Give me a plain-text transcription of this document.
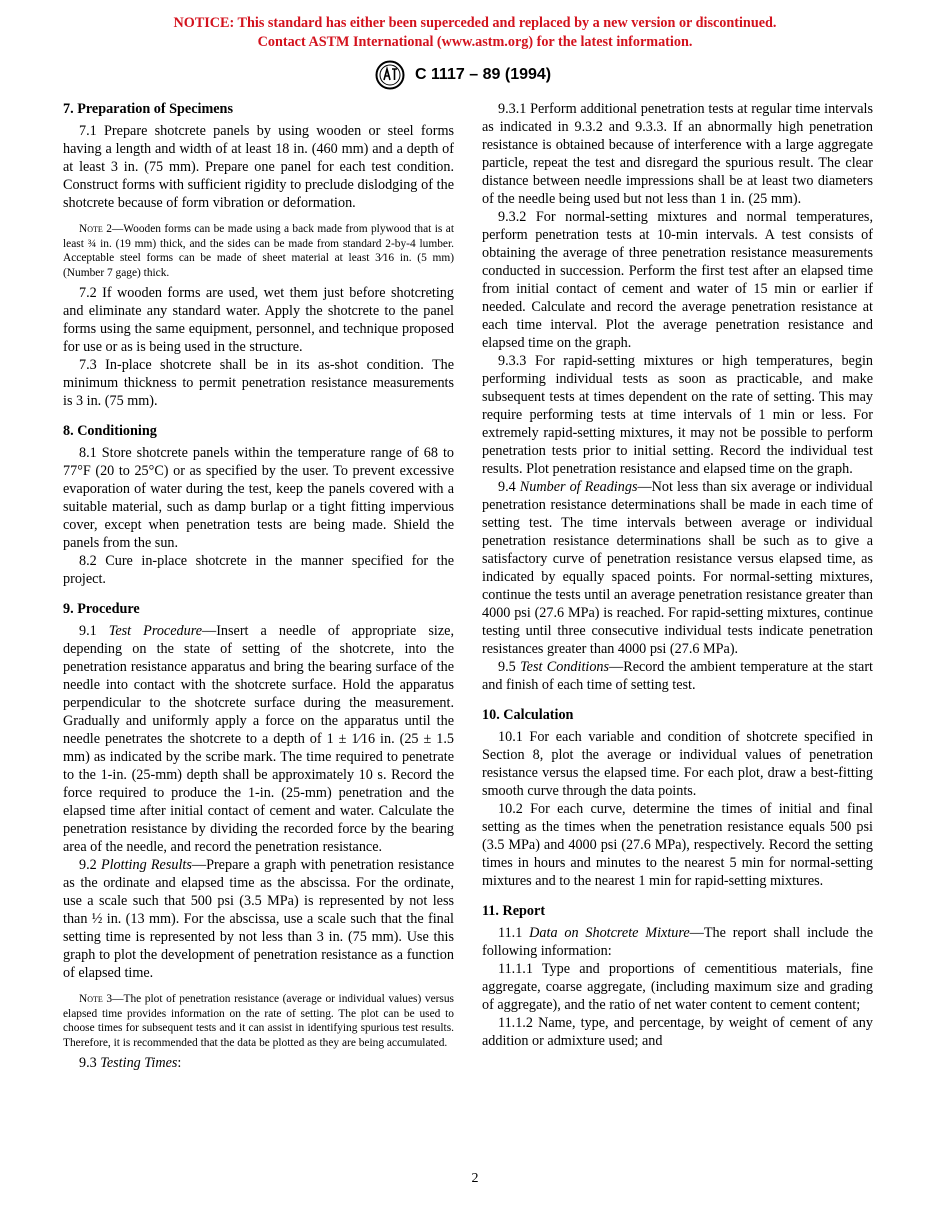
NOTICE: This standard has either been superceded and replaced by a new version or discontinued.
Contact ASTM International (www.astm.org) for the latest information.
C 1117 – 89 (1994)
7. Preparation of Specimens

7.1 Prepare shotcrete panels by using wooden or steel forms having a length and width of at least 18 in. (460 mm) and a depth of at least 3 in. (75 mm). Prepare one panel for each test condition. Construct forms with sufficient rigidity to preclude dislodging of the shotcrete because of form vibration or deformation.

Note 2—Wooden forms can be made using a back made from plywood that is at least ¾ in. (19 mm) thick, and the sides can be made from standard 2-by-4 lumber. Acceptable steel forms can be made of sheet material at least 3⁄16 in. (5 mm) (Number 7 gage) thick.

7.2 If wooden forms are used, wet them just before shotcreting and eliminate any standard water. Apply the shotcrete to the panel forms using the same equipment, personnel, and technique proposed for use or as is being used in the structure.

7.3 In-place shotcrete shall be in its as-shot condition. The minimum thickness to permit penetration resistance measurements is 3 in. (75 mm).

8. Conditioning

8.1 Store shotcrete panels within the temperature range of 68 to 77°F (20 to 25°C) or as specified by the user. To prevent excessive evaporation of water during the test, keep the panels covered with a suitable material, such as damp burlap or a tight fitting impervious cover, except when penetration tests are being made. Shield the panels from the sun.

8.2 Cure in-place shotcrete in the manner specified for the project.

9. Procedure

9.1 Test Procedure—Insert a needle of appropriate size, depending on the state of setting of the shotcrete, into the penetration resistance apparatus and bring the bearing surface of the needle into contact with the shotcrete surface. Hold the apparatus perpendicular to the shotcrete surface during the measurement. Gradually and uniformly apply a force on the apparatus until the needle penetrates the shotcrete to a depth of 1 ± 1⁄16 in. (25 ± 1.5 mm) as indicated by the scribe mark. The time required to penetrate to the 1-in. (25-mm) depth shall be approximately 10 s. Record the force required to produce the 1-in. (25-mm) penetration and the elapsed time after initial contact of cement and water. Calculate the penetration resistance by dividing the recorded force by the bearing area of the needle, and record the penetration resistance.

9.2 Plotting Results—Prepare a graph with penetration resistance as the ordinate and elapsed time as the abscissa. For the ordinate, use a scale such that 500 psi (3.5 MPa) is represented by not less than ½ in. (13 mm). For the abscissa, use a scale such that the final setting time is represented by not less than 3 in. (75 mm). Use this graph to plot the development of penetration resistance as a function of elapsed time.

Note 3—The plot of penetration resistance (average or individual values) versus elapsed time provides information on the rate of setting. The plot can be used to choose times for subsequent tests and it can assist in identifying spurious test results. Therefore, it is recommended that the data be plotted as they are being accumulated.

9.3 Testing Times:

9.3.1 Perform additional penetration tests at regular time intervals as indicated in 9.3.2 and 9.3.3. If an abnormally high penetration resistance is obtained because of interference with a large aggregate particle, repeat the test and disregard the spurious result. The clear distance between needle impressions shall be at least two diameters of the needle being used but not less than 1 in. (25 mm).

9.3.2 For normal-setting mixtures and normal temperatures, perform penetration tests at 10-min intervals. A test consists of obtaining the average of three penetration resistance measurements conducted in succession. Perform the first test after an elapsed time from initial contact of cement and water of 15 min or earlier if needed. Calculate and record the average penetration resistance at each time interval. Plot the average penetration resistance and elapsed time on the graph.

9.3.3 For rapid-setting mixtures or high temperatures, begin performing individual tests as soon as practicable, and make subsequent tests at times dependent on the rate of setting. This may require performing tests at time intervals of 1 min or less. For extremely rapid-setting mixtures, it may not be possible to perform penetration tests prior to initial setting. Record the individual test results. Plot penetration resistance and elapsed time on the graph.

9.4 Number of Readings—Not less than six average or individual penetration resistance determinations shall be made in each time of setting test. The time intervals between average or individual penetration resistance determinations shall be such as to give a satisfactory curve of penetration resistance versus elapsed time, as indicated by equally spaced points. For normal-setting mixtures, continue the tests until an average penetration resistance greater than 4000 psi (27.6 MPa) is reached. For rapid-setting mixtures, continue testing until three consecutive individual tests indicate penetration resistances greater than 4000 psi (27.6 MPa).

9.5 Test Conditions—Record the ambient temperature at the start and finish of each time of setting test.

10. Calculation

10.1 For each variable and condition of shotcrete specified in Section 8, plot the average or individual values of penetration resistance versus the elapsed time. For each plot, draw a best-fitting smooth curve through the data points.

10.2 For each curve, determine the times of initial and final setting as the times when the penetration resistance equals 500 psi (3.5 MPa) and 4000 psi (27.6 MPa), respectively. Record the setting times in hours and minutes to the nearest 5 min for normal-setting mixtures and to the nearest 1 min for rapid-setting mixtures.

11. Report

11.1 Data on Shotcrete Mixture—The report shall include the following information:

11.1.1 Type and proportions of cementitious materials, fine aggregate, coarse aggregate, (including maximum size and grading of aggregate), and the ratio of net water content to cement content;

11.1.2 Name, type, and percentage, by weight of cement of any addition or admixture used; and

2
